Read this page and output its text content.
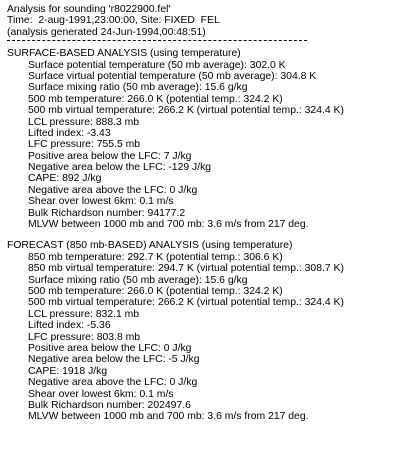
Analysis for sounding 'r8022900.fel'
Time:  2-aug-1991,23:00:00, Site: FIXED  FEL
(analysis generated 24-Jun-1994,00:48:51)
SURFACE-BASED ANALYSIS (using temperature)
Surface potential temperature (50 mb average): 302.0 K
Surface virtual potential temperature (50 mb average): 304.8 K
Surface mixing ratio (50 mb average): 15.6 g/kg
500 mb temperature: 266.0 K (potential temp.: 324.2 K)
500 mb virtual temperature: 266.2 K (virtual potential temp.: 324.4 K)
LCL pressure: 888.3 mb
Lifted index: -3.43
LFC pressure: 755.5 mb
Positive area below the LFC: 7 J/kg
Negative area below the LFC: -129 J/kg
CAPE: 892 J/kg
Negative area above the LFC: 0 J/kg
Shear over lowest 6km: 0.1 m/s
Bulk Richardson number: 94177.2
MLVW between 1000 mb and 700 mb: 3.6 m/s from 217 deg.
FORECAST (850 mb-BASED) ANALYSIS (using temperature)
850 mb temperature: 292.7 K (potential temp.: 306.6 K)
850 mb virtual temperature: 294.7 K (virtual potential temp.: 308.7 K)
Surface mixing ratio (50 mb average): 15.6 g/kg
500 mb temperature: 266.0 K (potential temp.: 324.2 K)
500 mb virtual temperature: 266.2 K (virtual potential temp.: 324.4 K)
LCL pressure: 832.1 mb
Lifted index: -5.36
LFC pressure: 803.8 mb
Positive area below the LFC: 0 J/kg
Negative area below the LFC: -5 J/kg
CAPE: 1918 J/kg
Negative area above the LFC: 0 J/kg
Shear over lowest 6km: 0.1 m/s
Bulk Richardson number: 202497.6
MLVW between 1000 mb and 700 mb: 3.6 m/s from 217 deg.
